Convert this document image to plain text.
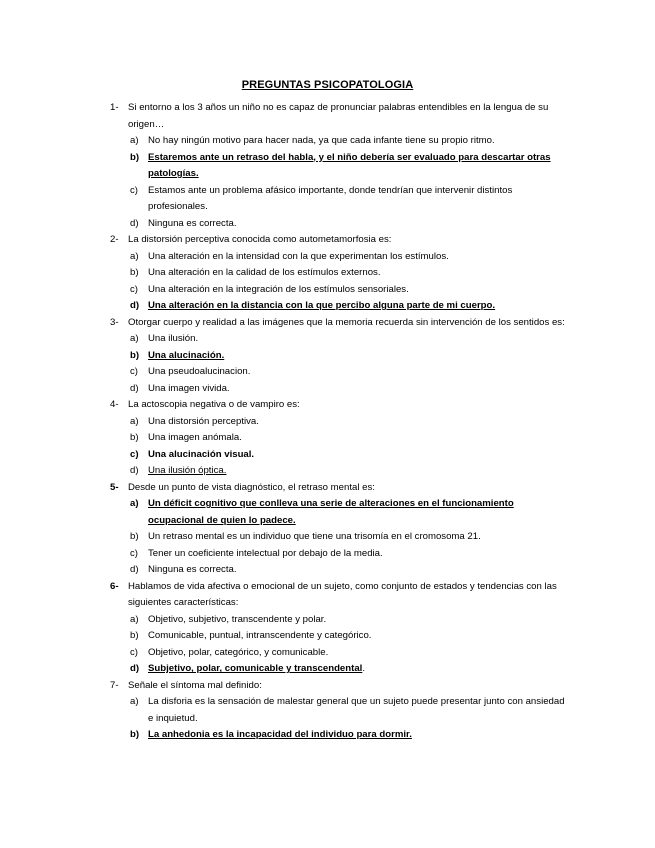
PREGUNTAS PSICOPATOLOGIA
1- Si entorno a los 3 años un niño no es capaz de pronunciar palabras entendibles en la lengua de su origen…
a) No hay ningún motivo para hacer nada, ya que cada infante tiene su propio ritmo.
b) Estaremos ante un retraso del habla, y el niño debería ser evaluado para descartar otras patologías.
c) Estamos ante un problema afásico importante, donde tendrían que intervenir distintos profesionales.
d) Ninguna es correcta.
2- La distorsión perceptiva conocida como autometamorfosia es:
a) Una alteración en la intensidad con la que experimentan los estímulos.
b) Una alteración en la calidad de los estímulos externos.
c) Una alteración en la integración de los estímulos sensoriales.
d) Una alteración en la distancia con la que percibo alguna parte de mi cuerpo.
3- Otorgar cuerpo y realidad a las imágenes que la memoria recuerda sin intervención de los sentidos es:
a) Una ilusión.
b) Una alucinación.
c) Una pseudoalucinacion.
d) Una imagen vivida.
4- La actoscopia negativa o de vampiro es:
a) Una distorsión perceptiva.
b) Una imagen anómala.
c) Una alucinación visual.
d) Una ilusión óptica.
5- Desde un punto de vista diagnóstico, el retraso mental es:
a) Un déficit cognitivo que conlleva una serie de alteraciones en el funcionamiento ocupacional de quien lo padece.
b) Un retraso mental es un individuo que tiene una trisomía en el cromosoma 21.
c) Tener un coeficiente intelectual por debajo de la media.
d) Ninguna es correcta.
6- Hablamos de vida afectiva o emocional de un sujeto, como conjunto de estados y tendencias con las siguientes características:
a) Objetivo, subjetivo, transcendente y polar.
b) Comunicable, puntual, intranscendente y categórico.
c) Objetivo, polar, categórico, y comunicable.
d) Subjetivo, polar, comunicable y transcendental.
7- Señale el síntoma mal definido:
a) La disforia es la sensación de malestar general que un sujeto puede presentar junto con ansiedad e inquietud.
b) La anhedonia es la incapacidad del individuo para dormir.
